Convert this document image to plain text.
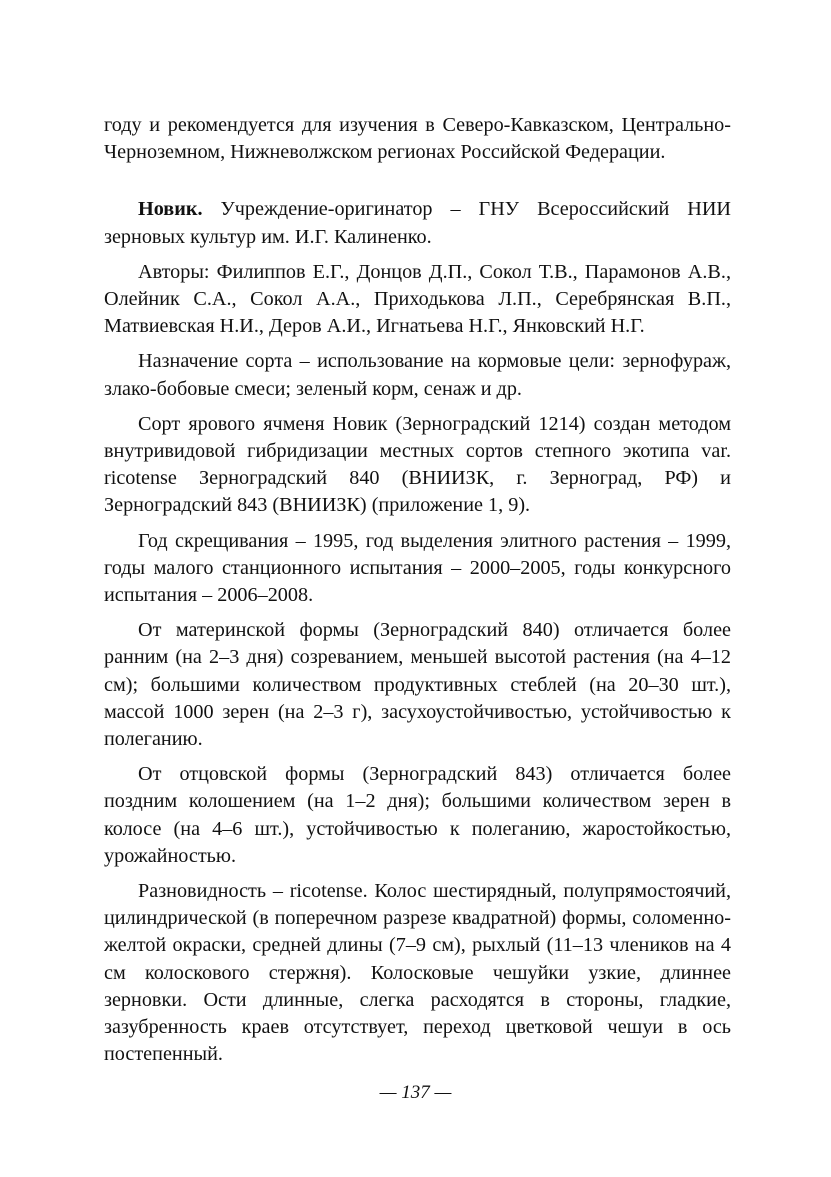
году и рекомендуется для изучения в Северо-Кавказском, Центрально-Черноземном, Нижневолжском регионах Российской Федерации.

Новик. Учреждение-оригинатор – ГНУ Всероссийский НИИ зерновых культур им. И.Г. Калиненко.

Авторы: Филиппов Е.Г., Донцов Д.П., Сокол Т.В., Парамонов А.В., Олейник С.А., Сокол А.А., Приходькова Л.П., Серебрянская В.П., Матвиевская Н.И., Деров А.И., Игнатьева Н.Г., Янковский Н.Г.

Назначение сорта – использование на кормовые цели: зернофураж, злако-бобовые смеси; зеленый корм, сенаж и др.

Сорт ярового ячменя Новик (Зерноградский 1214) создан методом внутривидовой гибридизации местных сортов степного экотипа var. ricotense Зерноградский 840 (ВНИИЗК, г. Зерноград, РФ) и Зерноградский 843 (ВНИИЗК) (приложение 1, 9).

Год скрещивания – 1995, год выделения элитного растения – 1999, годы малого станционного испытания – 2000–2005, годы конкурсного испытания – 2006–2008.

От материнской формы (Зерноградский 840) отличается более ранним (на 2–3 дня) созреванием, меньшей высотой растения (на 4–12 см); большими количеством продуктивных стеблей (на 20–30 шт.), массой 1000 зерен (на 2–3 г), засухоустойчивостью, устойчивостью к полеганию.

От отцовской формы (Зерноградский 843) отличается более поздним колошением (на 1–2 дня); большими количеством зерен в колосе (на 4–6 шт.), устойчивостью к полеганию, жаростойкостью, урожайностью.

Разновидность – ricotense. Колос шестирядный, полупрямостоячий, цилиндрической (в поперечном разрезе квадратной) формы, соломенно-желтой окраски, средней длины (7–9 см), рыхлый (11–13 члеников на 4 см колоскового стержня). Колосковые чешуйки узкие, длиннее зерновки. Ости длинные, слегка расходятся в стороны, гладкие, зазубренность краев отсутствует, переход цветковой чешуи в ось постепенный.

— 137 —
